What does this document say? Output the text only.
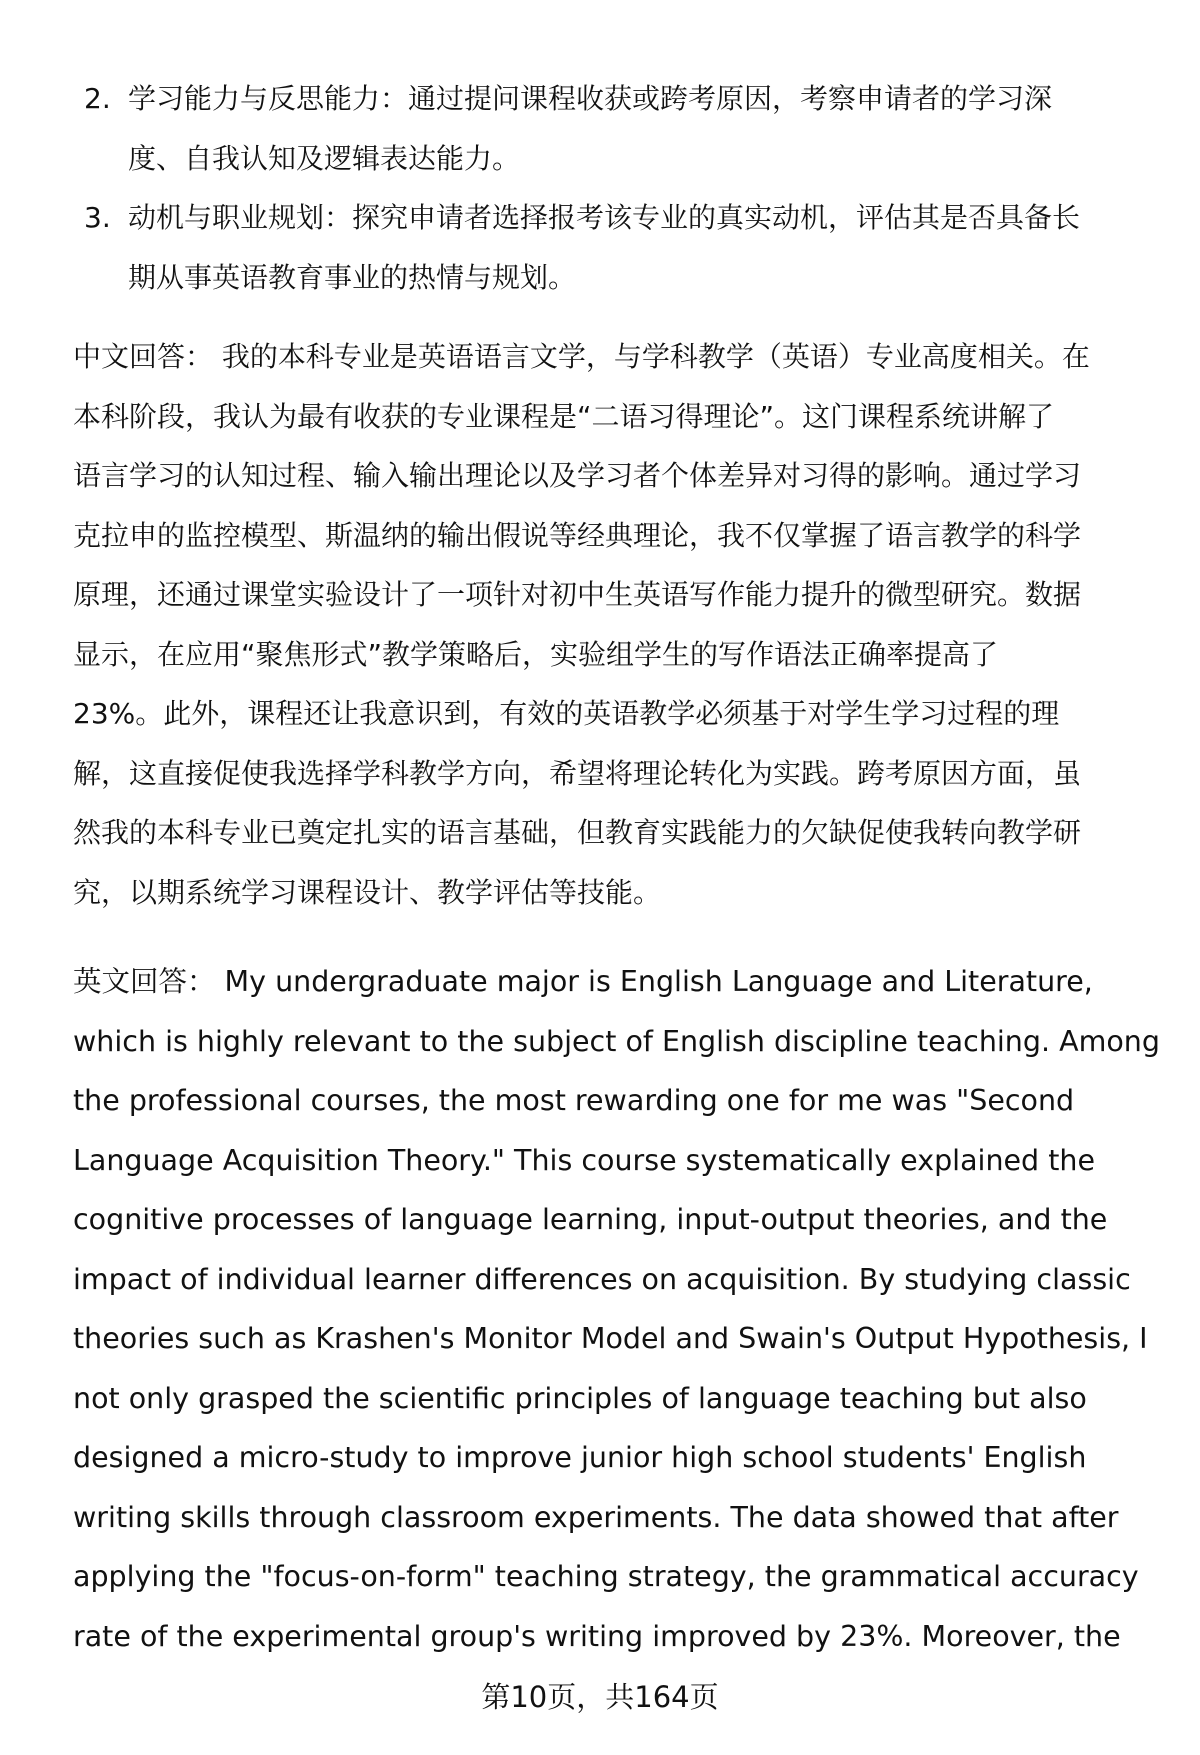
2. 学习能力与反思能力：通过提问课程收获或跨考原因，考察申请者的学习深
度、自我认知及逻辑表达能力。
3. 动机与职业规划：探究申请者选择报考该专业的真实动机，评估其是否具备长
期从事英语教育事业的热情与规划。
中文回答： 我的本科专业是英语语言文学，与学科教学（英语）专业高度相关。在
本科阶段，我认为最有收获的专业课程是“二语习得理论”。这门课程系统讲解了
语言学习的认知过程、输入输出理论以及学习者个体差异对习得的影响。通过学习
克拉申的监控模型、斯温纳的输出假说等经典理论，我不仅掌握了语言教学的科学
原理，还通过课堂实验设计了一项针对初中生英语写作能力提升的微型研究。数据
显示，在应用“聚焦形式”教学策略后，实验组学生的写作语法正确率提高了
23%。此外，课程还让我意识到，有效的英语教学必须基于对学生学习过程的理
解，这直接促使我选择学科教学方向，希望将理论转化为实践。跨考原因方面，虽
然我的本科专业已奠定扎实的语言基础，但教育实践能力的欠缺促使我转向教学研
究，以期系统学习课程设计、教学评估等技能。
英文回答： My undergraduate major is English Language and Literature,
which is highly relevant to the subject of English discipline teaching. Among
the professional courses, the most rewarding one for me was "Second
Language Acquisition Theory." This course systematically explained the
cognitive processes of language learning, input-output theories, and the
impact of individual learner differences on acquisition. By studying classic
theories such as Krashen's Monitor Model and Swain's Output Hypothesis, I
not only grasped the scientific principles of language teaching but also
designed a micro-study to improve junior high school students' English
writing skills through classroom experiments. The data showed that after
applying the "focus-on-form" teaching strategy, the grammatical accuracy
rate of the experimental group's writing improved by 23%. Moreover, the
第10页，共164页
